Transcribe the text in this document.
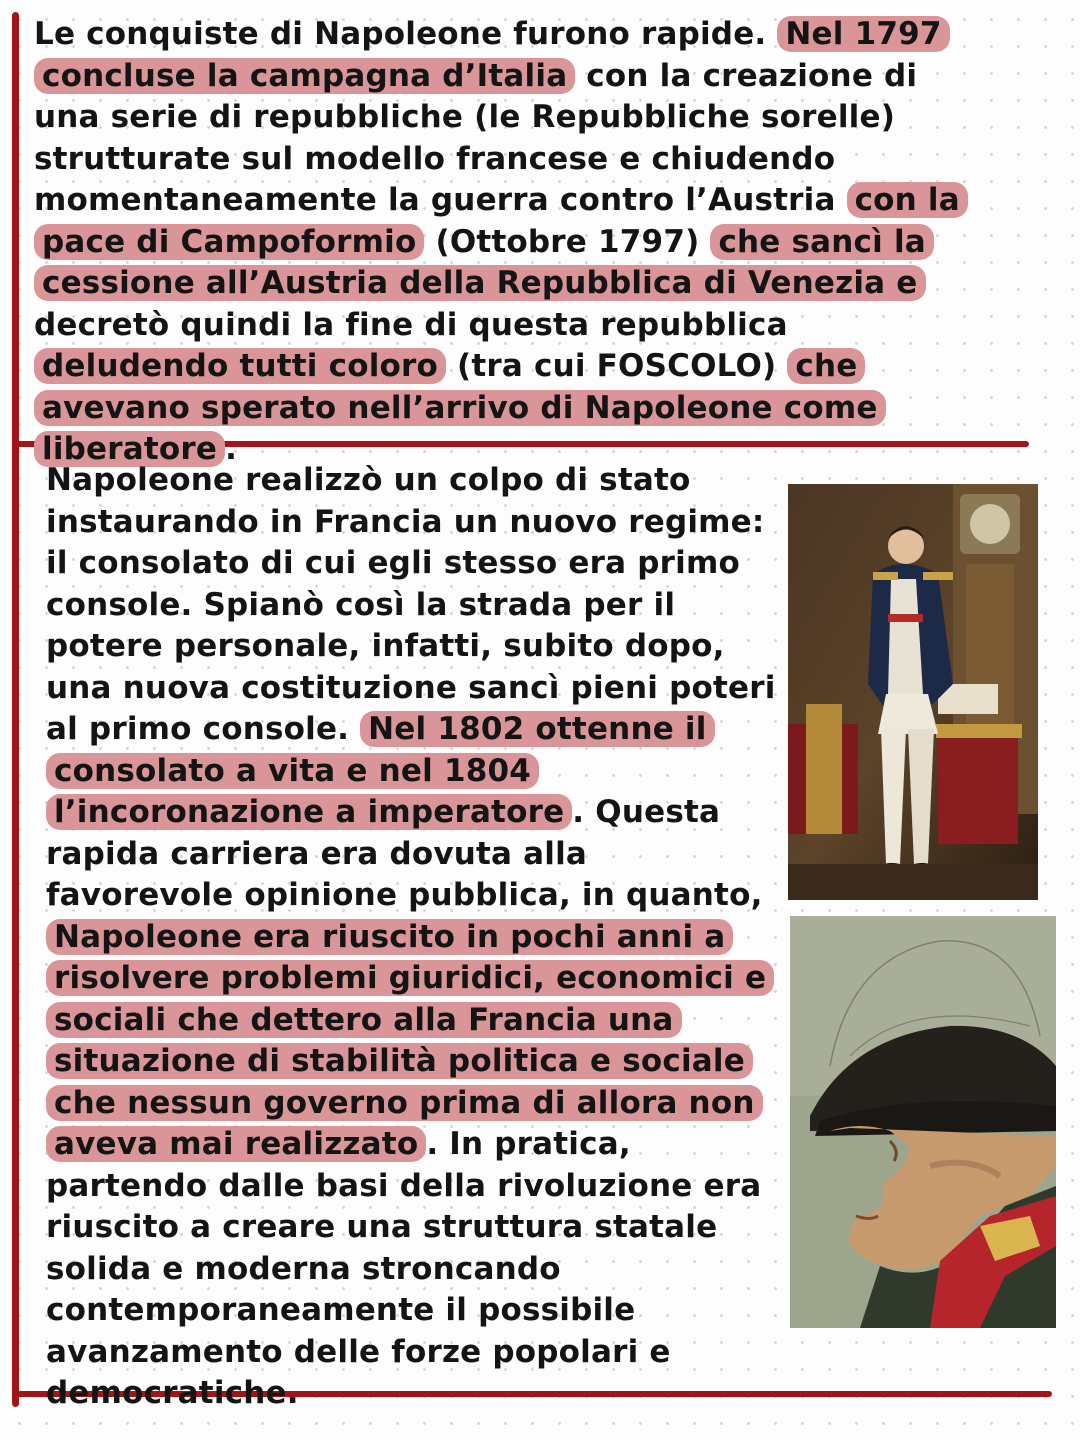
Le conquiste di Napoleone furono rapide. Nel 1797 concluse la campagna d’Italia con la creazione di una serie di repubbliche (le Repubbliche sorelle) strutturate sul modello francese e chiudendo momentaneamente la guerra contro l’Austria con la pace di Campoformio (Ottobre 1797) che sancì la cessione all’Austria della Repubblica di Venezia e decretò quindi la fine di questa repubblica deludendo tutti coloro (tra cui FOSCOLO) che avevano sperato nell’arrivo di Napoleone come liberatore .

Napoleone realizzò un colpo di stato instaurando in Francia un nuovo regime: il consolato di cui egli stesso era primo console. Spianò così la strada per il potere personale, infatti, subito dopo, una nuova costituzione sancì pieni poteri al primo console. Nel 1802 ottenne il consolato a vita e nel 1804 l’incoronazione a imperatore . Questa rapida carriera era dovuta alla favorevole opinione pubblica, in quanto, Napoleone era riuscito in pochi anni a risolvere problemi giuridici, economici e sociali che dettero alla Francia una situazione di stabilità politica e sociale che nessun governo prima di allora non aveva mai realizzato . In pratica, partendo dalle basi della rivoluzione era riuscito a creare una struttura statale solida e moderna stroncando contemporaneamente il possibile avanzamento delle forze popolari e democratiche.
